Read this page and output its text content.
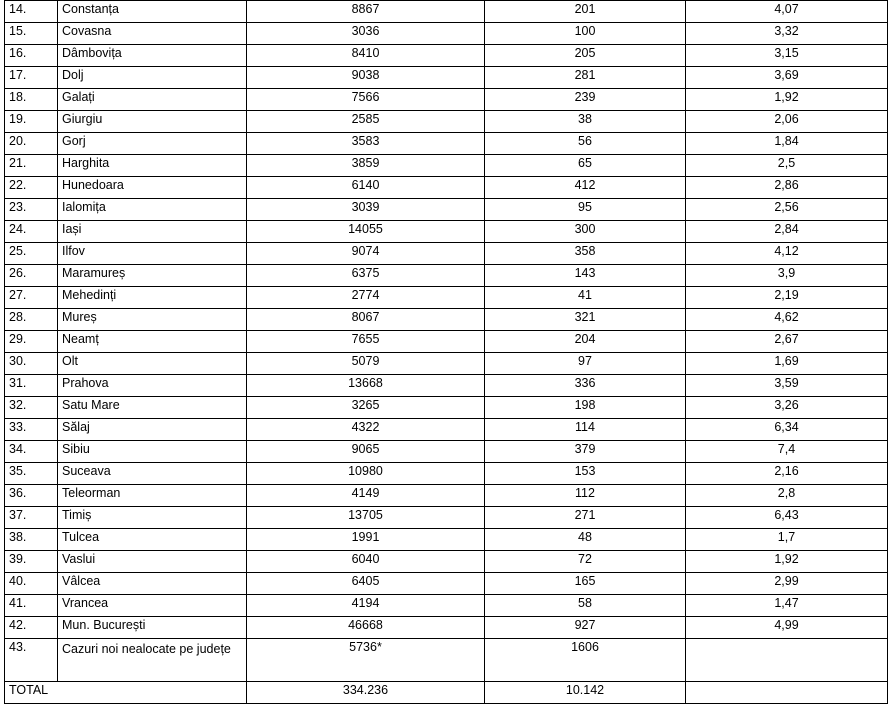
14.	Constanța	8867	201	4,07
15.	Covasna	3036	100	3,32
16.	Dâmbovița	8410	205	3,15
17.	Dolj	9038	281	3,69
18.	Galați	7566	239	1,92
19.	Giurgiu	2585	38	2,06
20.	Gorj	3583	56	1,84
21.	Harghita	3859	65	2,5
22.	Hunedoara	6140	412	2,86
23.	Ialomița	3039	95	2,56
24.	Iași	14055	300	2,84
25.	Ilfov	9074	358	4,12
26.	Maramureș	6375	143	3,9
27.	Mehedinți	2774	41	2,19
28.	Mureș	8067	321	4,62
29.	Neamț	7655	204	2,67
30.	Olt	5079	97	1,69
31.	Prahova	13668	336	3,59
32.	Satu Mare	3265	198	3,26
33.	Sălaj	4322	114	6,34
34.	Sibiu	9065	379	7,4
35.	Suceava	10980	153	2,16
36.	Teleorman	4149	112	2,8
37.	Timiș	13705	271	6,43
38.	Tulcea	1991	48	1,7
39.	Vaslui	6040	72	1,92
40.	Vâlcea	6405	165	2,99
41.	Vrancea	4194	58	1,47
42.	Mun. București	46668	927	4,99
43.	Cazuri noi nealocate pe județe	5736*	1606	
TOTAL		334.236	10.142	
